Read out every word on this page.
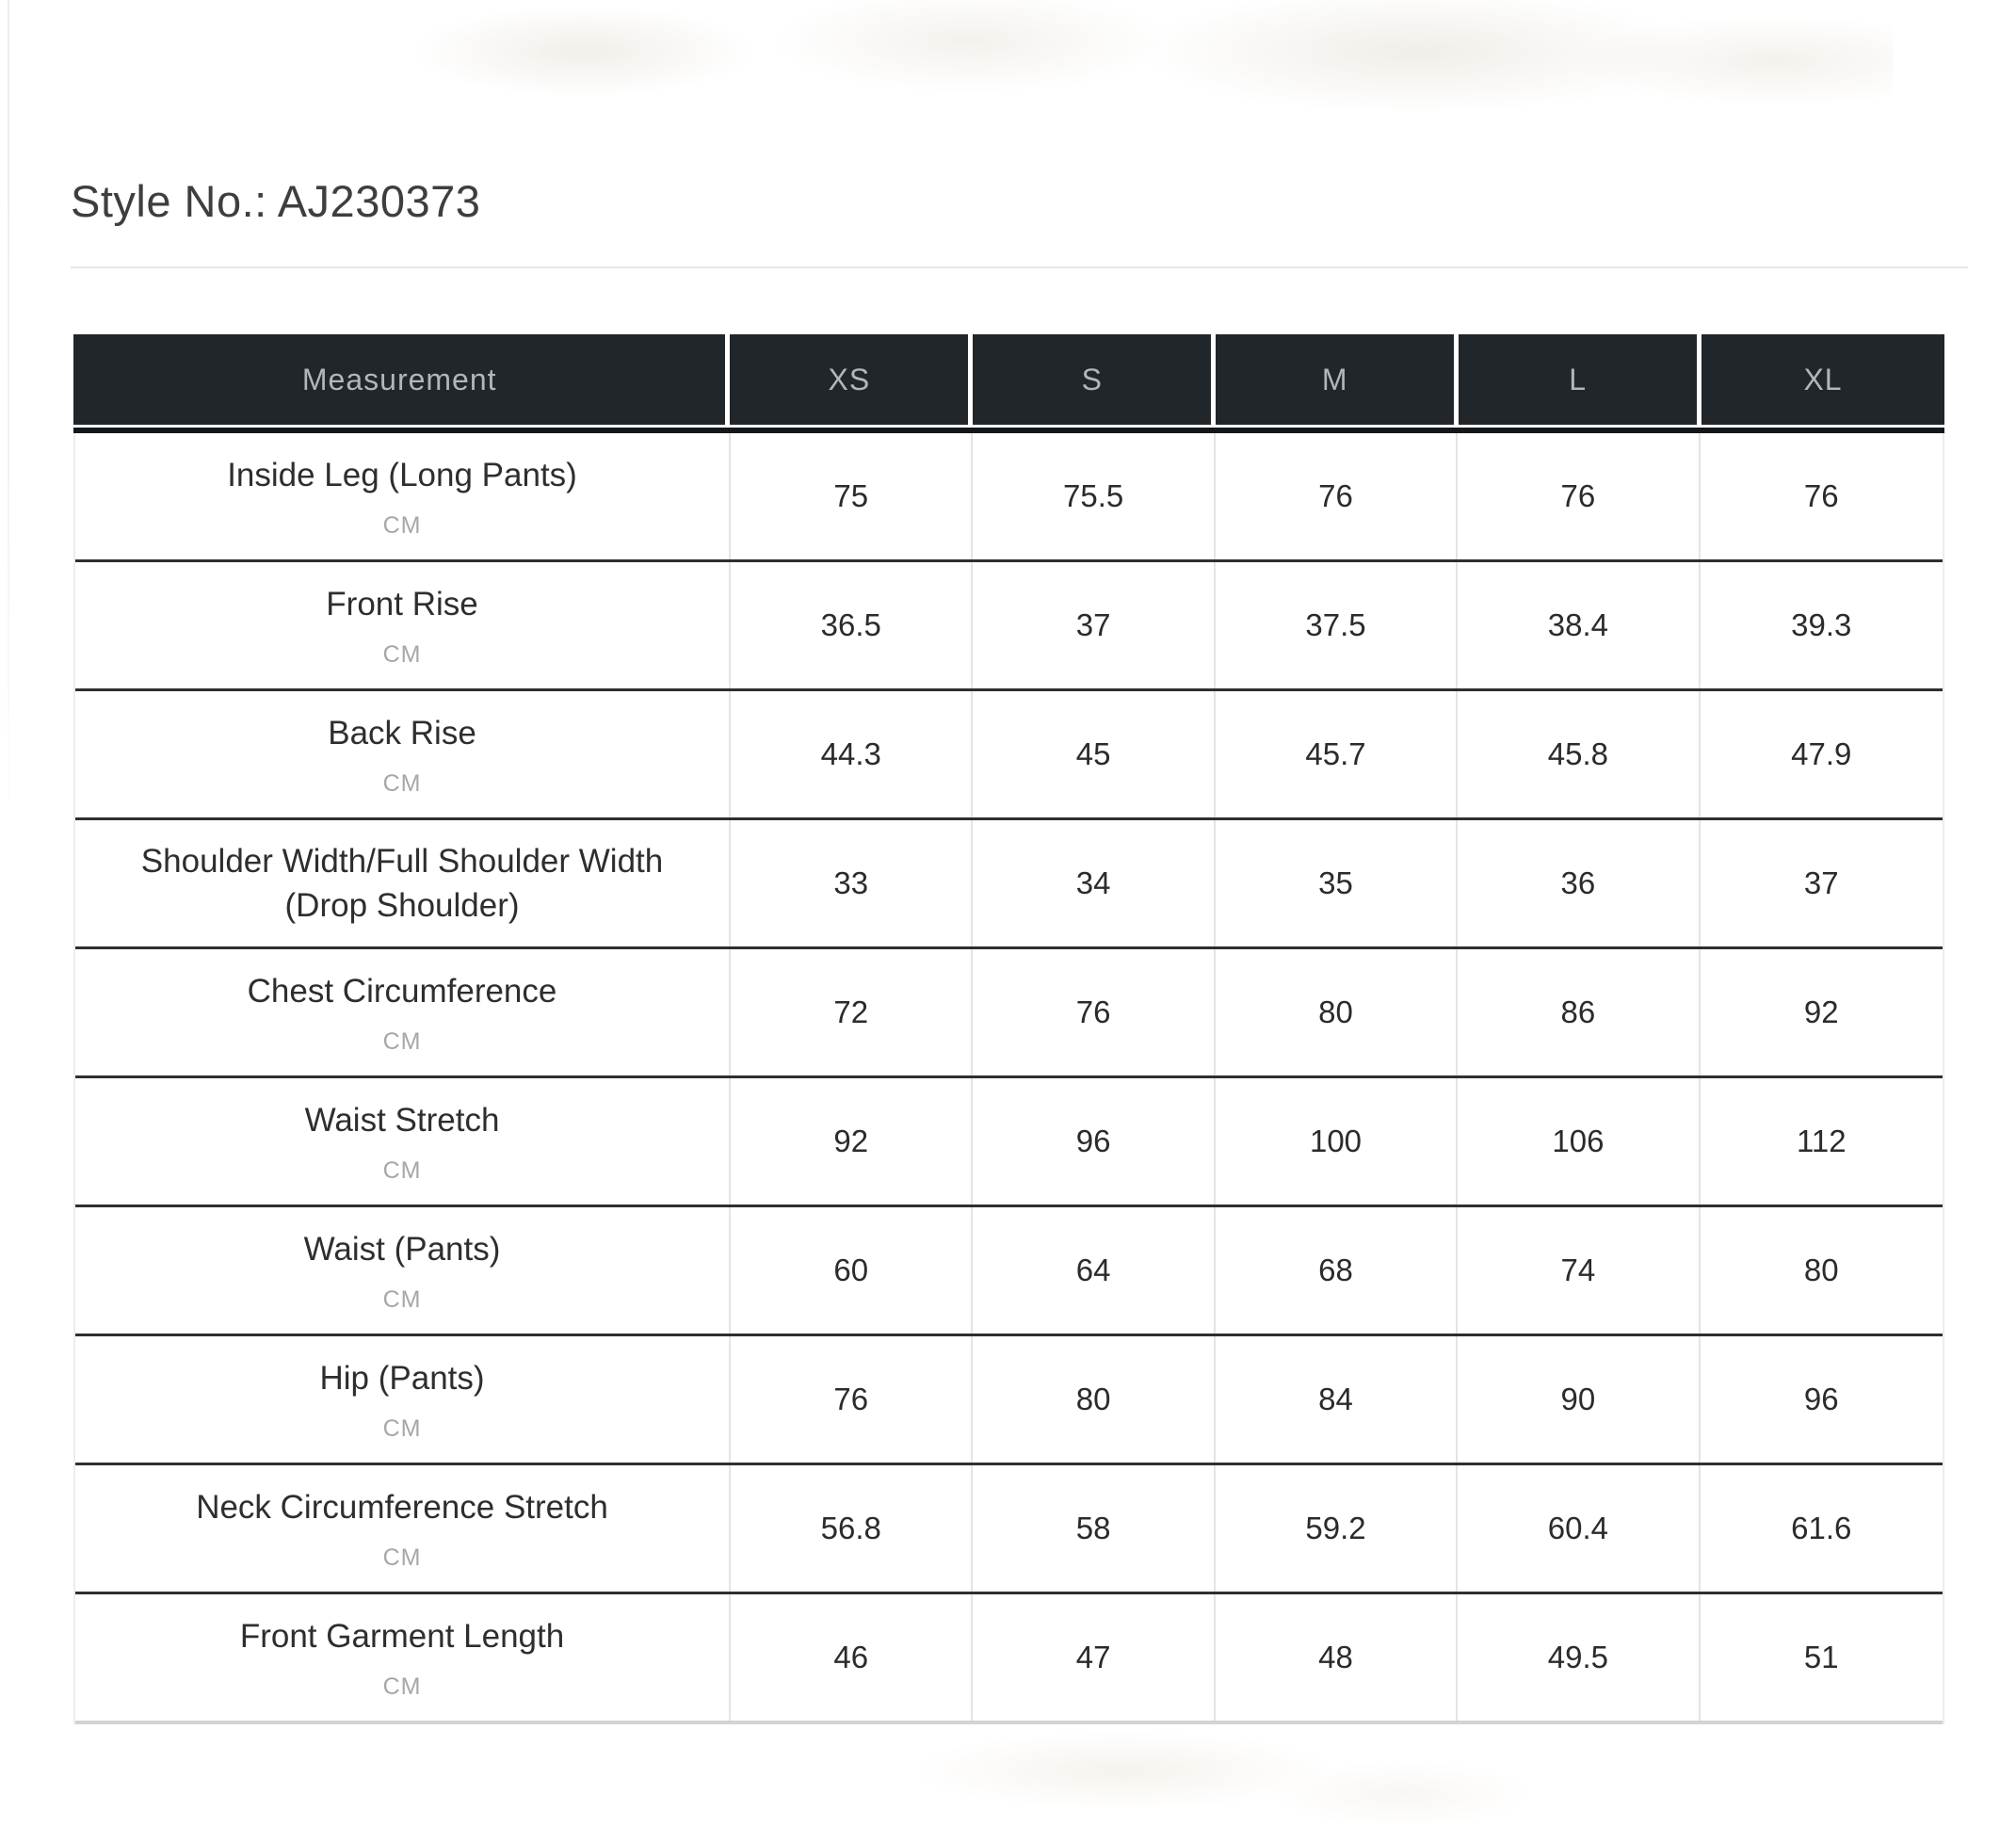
Style No.: AJ230373
Measurement	XS	S	M	L	XL
Inside Leg (Long Pants)
CM
75	75.5	76	76	76
Front Rise
CM
36.5	37	37.5	38.4	39.3
Back Rise
CM
44.3	45	45.7	45.8	47.9
Shoulder Width/Full Shoulder Width (Drop Shoulder)
33	34	35	36	37
Chest Circumference
CM
72	76	80	86	92
Waist Stretch
CM
92	96	100	106	112
Waist (Pants)
CM
60	64	68	74	80
Hip (Pants)
CM
76	80	84	90	96
Neck Circumference Stretch
CM
56.8	58	59.2	60.4	61.6
Front Garment Length
CM
46	47	48	49.5	51
